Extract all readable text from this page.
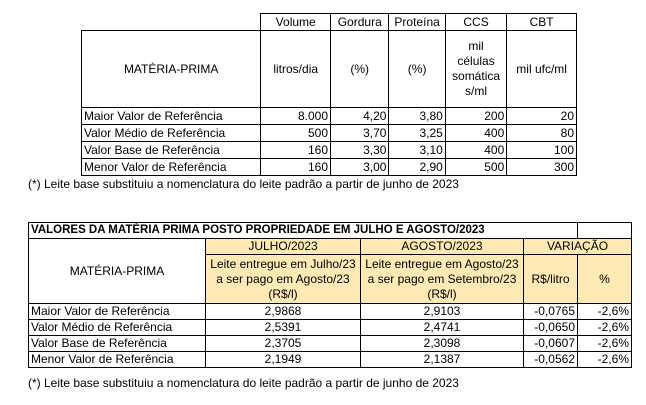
	Volume	Gordura	Proteína	CCS	CBT
MATÉRIA-PRIMA	litros/dia	(%)	(%)	mil
células
somática
s/ml	mil ufc/ml
Maior Valor de Referência	8.000	4,20	3,80	200	20
Valor Médio de Referência	500	3,70	3,25	400	80
Valor Base de Referência	160	3,30	3,10	400	100
Menor Valor de Referência	160	3,00	2,90	500	300
(*) Leite base substituiu a nomenclatura do leite padrão a partir de junho de 2023
VALORES DA MATÉRIA PRIMA POSTO PROPRIEDADE EM JULHO E AGOSTO/2023				
MATÉRIA-PRIMA	JULHO/2023	AGOSTO/2023	VARIAÇÃO	
	Leite entregue em Julho/23 a ser pago em Agosto/23 (R$/l)	Leite entregue em Agosto/23 a ser pago em Setembro/23 (R$/l)	R$/litro	%
Maior Valor de Referência	2,9868	2,9103	-0,0765	-2,6%
Valor Médio de Referência	2,5391	2,4741	-0,0650	-2,6%
Valor Base de Referência	2,3705	2,3098	-0,0607	-2,6%
Menor Valor de Referência	2,1949	2,1387	-0,0562	-2,6%
(*) Leite base substituiu a nomenclatura do leite padrão a partir de junho de 2023
